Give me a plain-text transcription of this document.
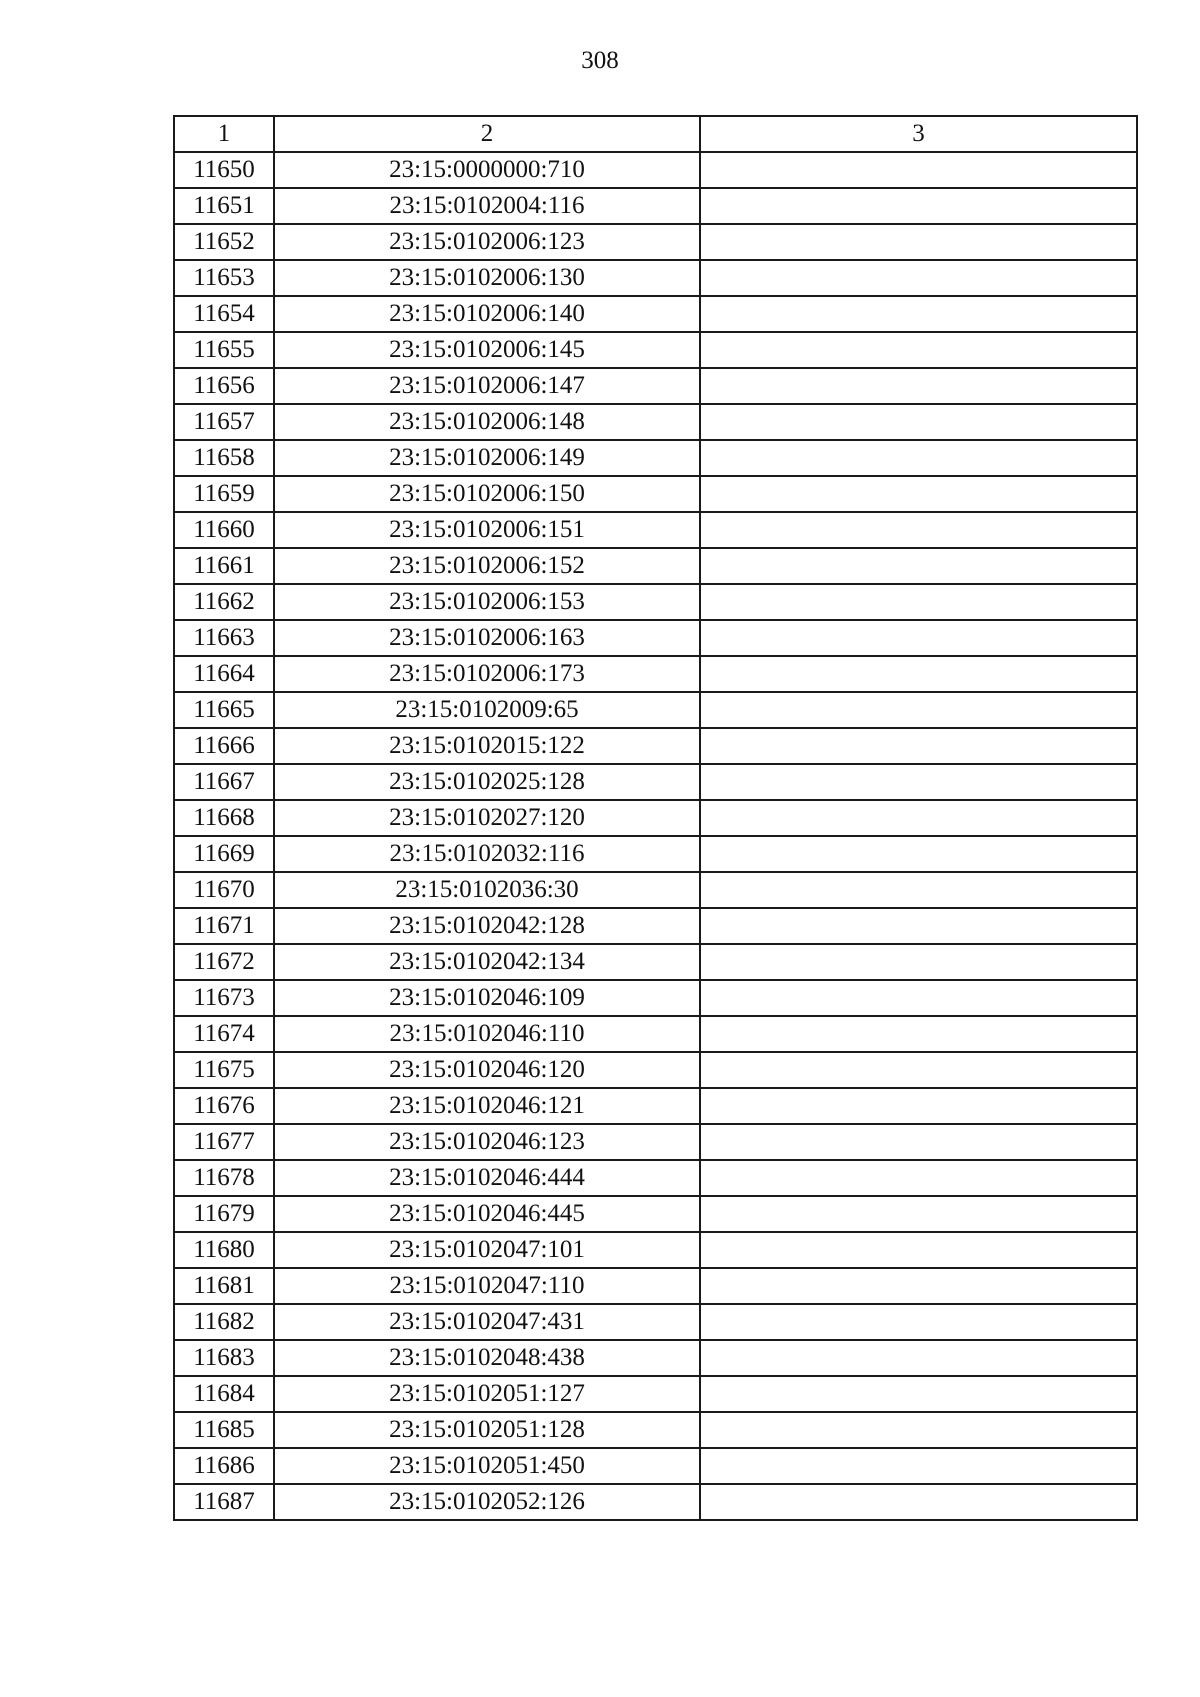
308
1	2	3
11650	23:15:0000000:710	
11651	23:15:0102004:116	
11652	23:15:0102006:123	
11653	23:15:0102006:130	
11654	23:15:0102006:140	
11655	23:15:0102006:145	
11656	23:15:0102006:147	
11657	23:15:0102006:148	
11658	23:15:0102006:149	
11659	23:15:0102006:150	
11660	23:15:0102006:151	
11661	23:15:0102006:152	
11662	23:15:0102006:153	
11663	23:15:0102006:163	
11664	23:15:0102006:173	
11665	23:15:0102009:65	
11666	23:15:0102015:122	
11667	23:15:0102025:128	
11668	23:15:0102027:120	
11669	23:15:0102032:116	
11670	23:15:0102036:30	
11671	23:15:0102042:128	
11672	23:15:0102042:134	
11673	23:15:0102046:109	
11674	23:15:0102046:110	
11675	23:15:0102046:120	
11676	23:15:0102046:121	
11677	23:15:0102046:123	
11678	23:15:0102046:444	
11679	23:15:0102046:445	
11680	23:15:0102047:101	
11681	23:15:0102047:110	
11682	23:15:0102047:431	
11683	23:15:0102048:438	
11684	23:15:0102051:127	
11685	23:15:0102051:128	
11686	23:15:0102051:450	
11687	23:15:0102052:126	
